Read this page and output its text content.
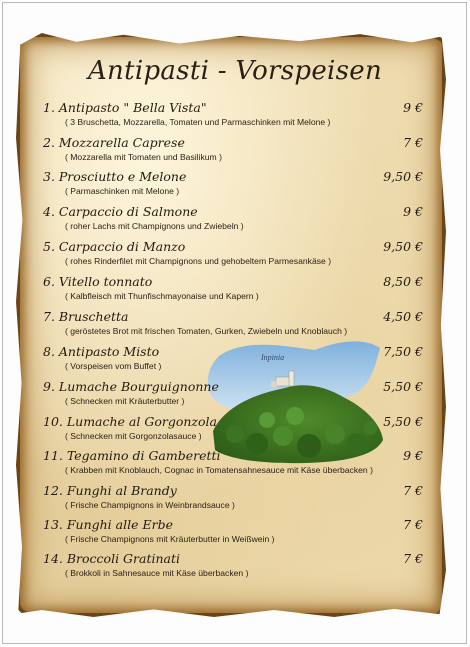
Antipasti - Vorspeisen
1. Antipasto " Bella Vista"	9 €
( 3 Bruschetta, Mozzarella, Tomaten und Parmaschinken mit Melone )
2. Mozzarella Caprese	7 €
( Mozzarella mit Tomaten und Basilikum )
3. Prosciutto e Melone	9,50 €
( Parmaschinken mit Melone )
4. Carpaccio di Salmone	9 €
( roher Lachs mit Champignons und Zwiebeln )
5. Carpaccio di Manzo	9,50 €
( rohes Rinderfilet mit Champignons und gehobeltem Parmesankäse )
6. Vitello tonnato	8,50 €
( Kalbfleisch mit Thunfischmayonaise und Kapern )
7. Bruschetta	4,50 €
( geröstetes Brot mit frischen Tomaten, Gurken, Zwiebeln und Knoblauch )
Inpinia
8. Antipasto Misto	7,50 €
( Vorspeisen vom Buffet )
9. Lumache Bourguignonne	5,50 €
( Schnecken mit Kräuterbutter )
10. Lumache al Gorgonzola	5,50 €
( Schnecken mit Gorgonzolasauce )
11. Tegamino di Gamberetti	9 €
( Krabben mit Knoblauch, Cognac in Tomatensahnesauce mit Käse überbacken )
12. Funghi al Brandy	7 €
( Frische Champignons in Weinbrandsauce )
13. Funghi alle Erbe	7 €
( Frische Champignons mit Kräuterbutter in Weißwein )
14. Broccoli Gratinati	7 €
( Brokkoli in Sahnesauce mit Käse überbacken )
